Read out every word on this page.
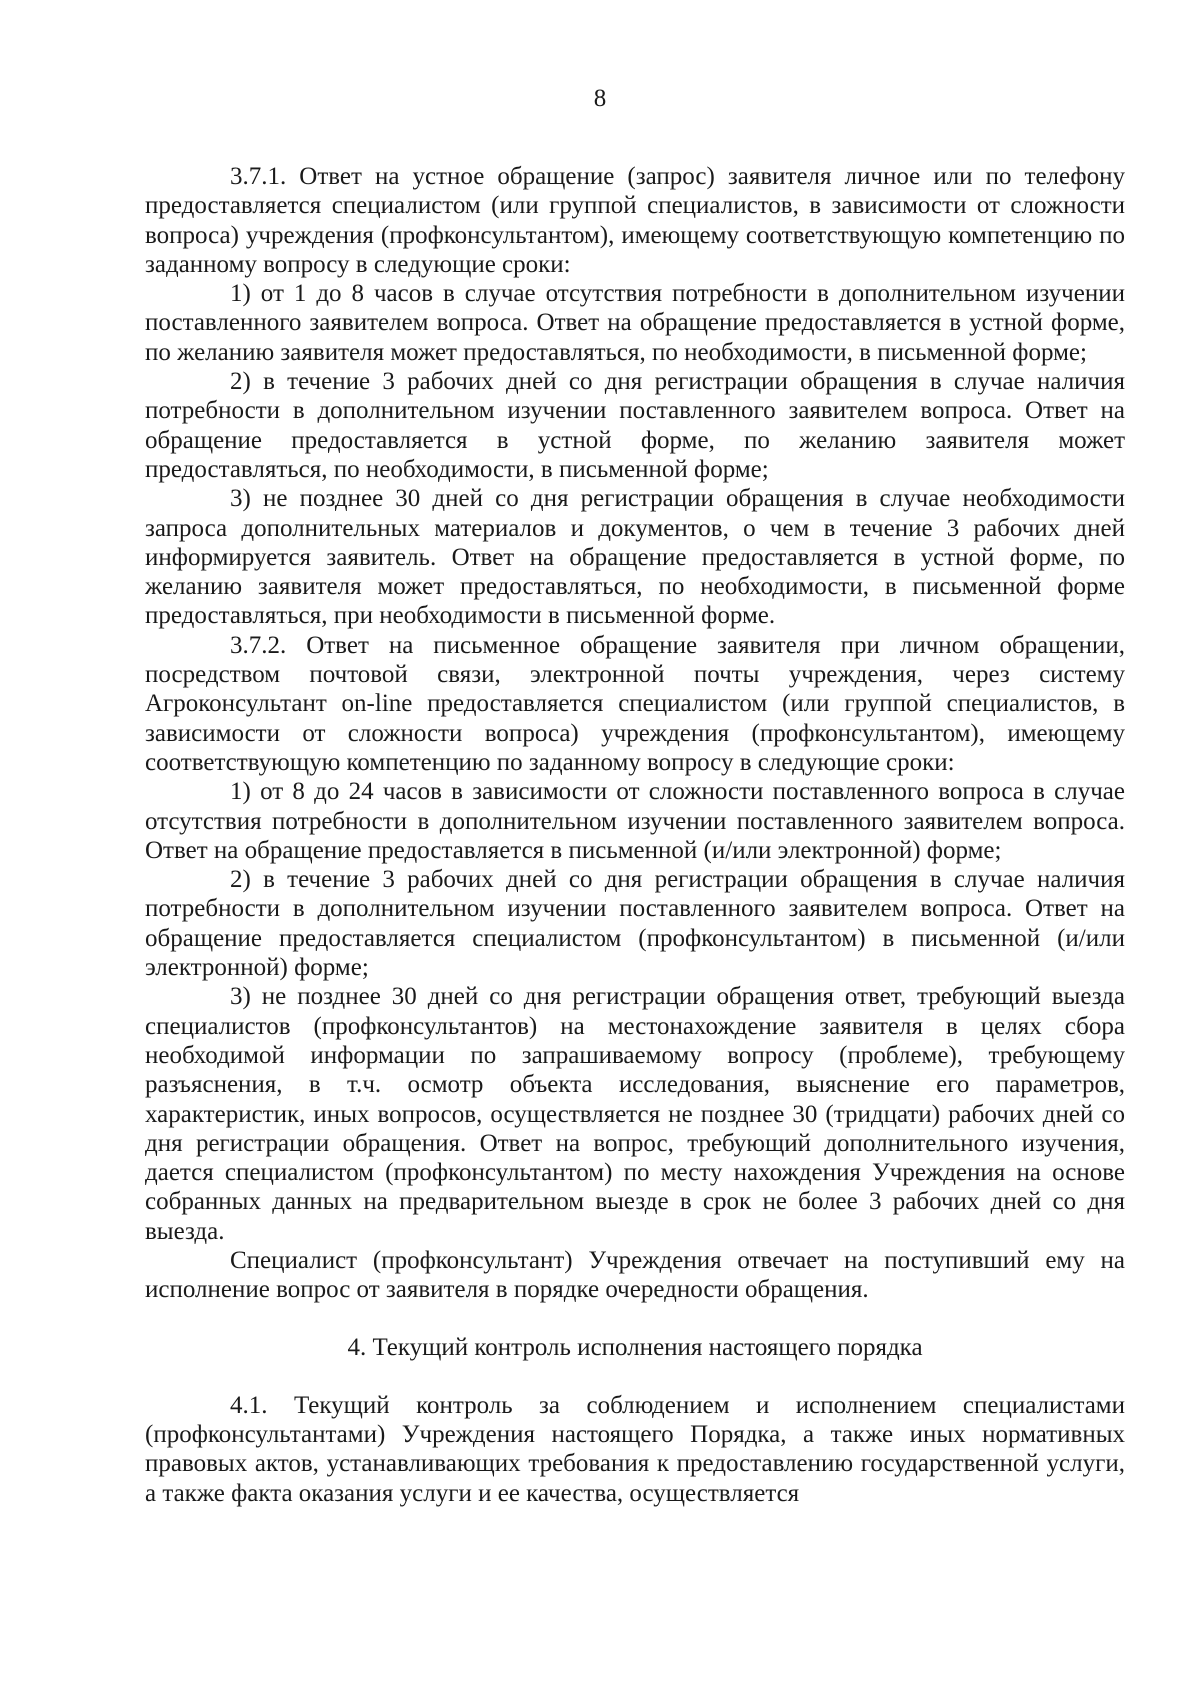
8

3.7.1. Ответ на устное обращение (запрос) заявителя личное или по телефону предоставляется специалистом (или группой специалистов, в зависимости от сложности вопроса) учреждения (профконсультантом), имеющему соответствующую компетенцию по заданному вопросу в следующие сроки:

1) от 1 до 8 часов в случае отсутствия потребности в дополнительном изучении поставленного заявителем вопроса. Ответ на обращение предоставляется в устной форме, по желанию заявителя может предоставляться, по необходимости, в письменной форме;

2) в течение 3 рабочих дней со дня регистрации обращения в случае наличия потребности в дополнительном изучении поставленного заявителем вопроса. Ответ на обращение предоставляется в устной форме, по желанию заявителя может предоставляться, по необходимости, в письменной форме;

3) не позднее 30 дней со дня регистрации обращения в случае необходимости запроса дополнительных материалов и документов, о чем в течение 3 рабочих дней информируется заявитель. Ответ на обращение предоставляется в устной форме, по желанию заявителя может предоставляться, по необходимости, в письменной форме предоставляться, при необходимости в письменной форме.

3.7.2. Ответ на письменное обращение заявителя при личном обращении, посредством почтовой связи, электронной почты учреждения, через систему Агроконсультант on-line предоставляется специалистом (или группой специалистов, в зависимости от сложности вопроса) учреждения (профконсультантом), имеющему соответствующую компетенцию по заданному вопросу в следующие сроки:

1) от 8 до 24 часов в зависимости от сложности поставленного вопроса в случае отсутствия потребности в дополнительном изучении поставленного заявителем вопроса. Ответ на обращение предоставляется в письменной (и/или электронной) форме;

2) в течение 3 рабочих дней со дня регистрации обращения в случае наличия потребности в дополнительном изучении поставленного заявителем вопроса. Ответ на обращение предоставляется специалистом (профконсультантом) в письменной (и/или электронной) форме;

3) не позднее 30 дней со дня регистрации обращения ответ, требующий выезда специалистов (профконсультантов) на местонахождение заявителя в целях сбора необходимой информации по запрашиваемому вопросу (проблеме), требующему разъяснения, в т.ч. осмотр объекта исследования, выяснение его параметров, характеристик, иных вопросов, осуществляется не позднее 30 (тридцати) рабочих дней со дня регистрации обращения. Ответ на вопрос, требующий дополнительного изучения, дается специалистом (профконсультантом) по месту нахождения Учреждения на основе собранных данных на предварительном выезде в срок не более 3 рабочих дней со дня выезда.

Специалист (профконсультант) Учреждения отвечает на поступивший ему на исполнение вопрос от заявителя в порядке очередности обращения.

4. Текущий контроль исполнения настоящего порядка

4.1. Текущий контроль за соблюдением и исполнением специалистами (профконсультантами) Учреждения настоящего Порядка, а также иных нормативных правовых актов, устанавливающих требования к предоставлению государственной услуги, а также факта оказания услуги и ее качества, осуществляется
